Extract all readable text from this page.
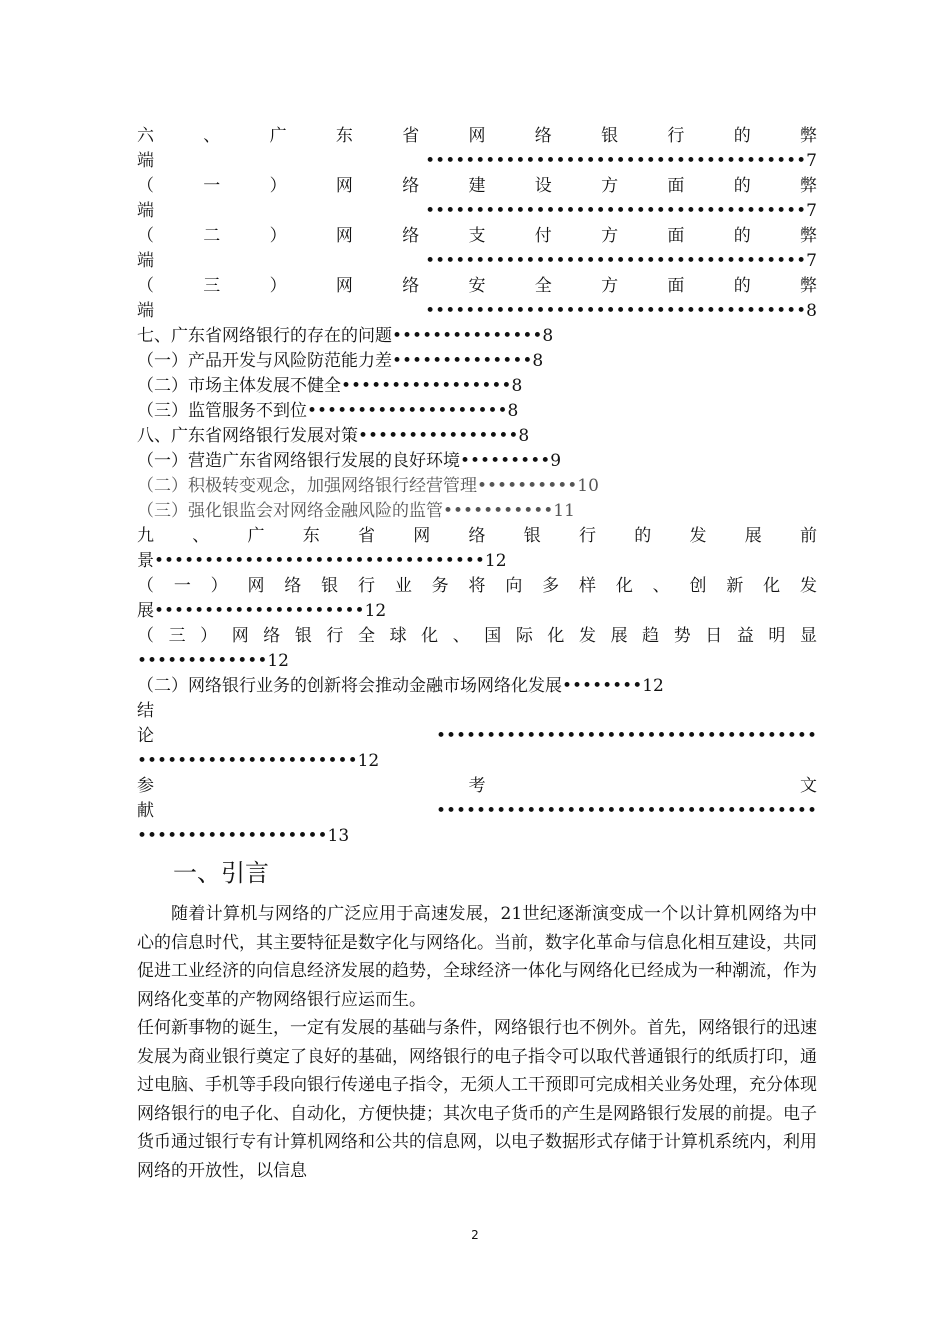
六 、 广 东 省 网 络 银 行 的 弊
端••••••••••••••••••••••••••••••••••••••7
（ 一 ） 网 络 建 设 方 面 的 弊
端••••••••••••••••••••••••••••••••••••••7
（ 二 ） 网 络 支 付 方 面 的 弊
端••••••••••••••••••••••••••••••••••••••7
（ 三 ） 网 络 安 全 方 面 的 弊
端••••••••••••••••••••••••••••••••••••••8
七、广东省网络银行的存在的问题•••••••••••••••8
（一）产品开发与风险防范能力差••••••••••••••8
（二）市场主体发展不健全•••••••••••••••••8
（三）监管服务不到位••••••••••••••••••••8
八、广东省网络银行发展对策••••••••••••••••8
（一）营造广东省网络银行发展的良好环境•••••••••9
（二）积极转变观念，加强网络银行经营管理••••••••••10
（三）强化银监会对网络金融风险的监管•••••••••••11
九 、 广 东 省 网 络 银 行 的 发 展 前
景•••••••••••••••••••••••••••••••••12
（ 一 ） 网 络 银 行 业 务 将 向 多 样 化 、 创 新 化 发
展•••••••••••••••••••••12
（ 三 ） 网 络 银 行 全 球 化 、 国 际 化 发 展 趋 势 日 益 明 显
•••••••••••••12
（二）网络银行业务的创新将会推动金融市场网络化发展••••••••12
结
论 ••••••••••••••••••••••••••••••••••••••
••••••••••••••••••••••12
参 考 文
献 ••••••••••••••••••••••••••••••••••••••
•••••••••••••••••••13
一、引言

随着计算机与网络的广泛应用于高速发展，21世纪逐渐演变成一个以计算机网络为中心的信息时代，其主要特征是数字化与网络化。当前，数字化革命与信息化相互建设，共同促进工业经济的向信息经济发展的趋势，全球经济一体化与网络化已经成为一种潮流，作为网络化变革的产物网络银行应运而生。

任何新事物的诞生，一定有发展的基础与条件，网络银行也不例外。首先，网络银行的迅速发展为商业银行奠定了良好的基础，网络银行的电子指令可以取代普通银行的纸质打印，通过电脑、手机等手段向银行传递电子指令，无须人工干预即可完成相关业务处理，充分体现网络银行的电子化、自动化，方便快捷；其次电子货币的产生是网路银行发展的前提。电子货币通过银行专有计算机网络和公共的信息网，以电子数据形式存储于计算机系统内，利用网络的开放性，以信息

2
